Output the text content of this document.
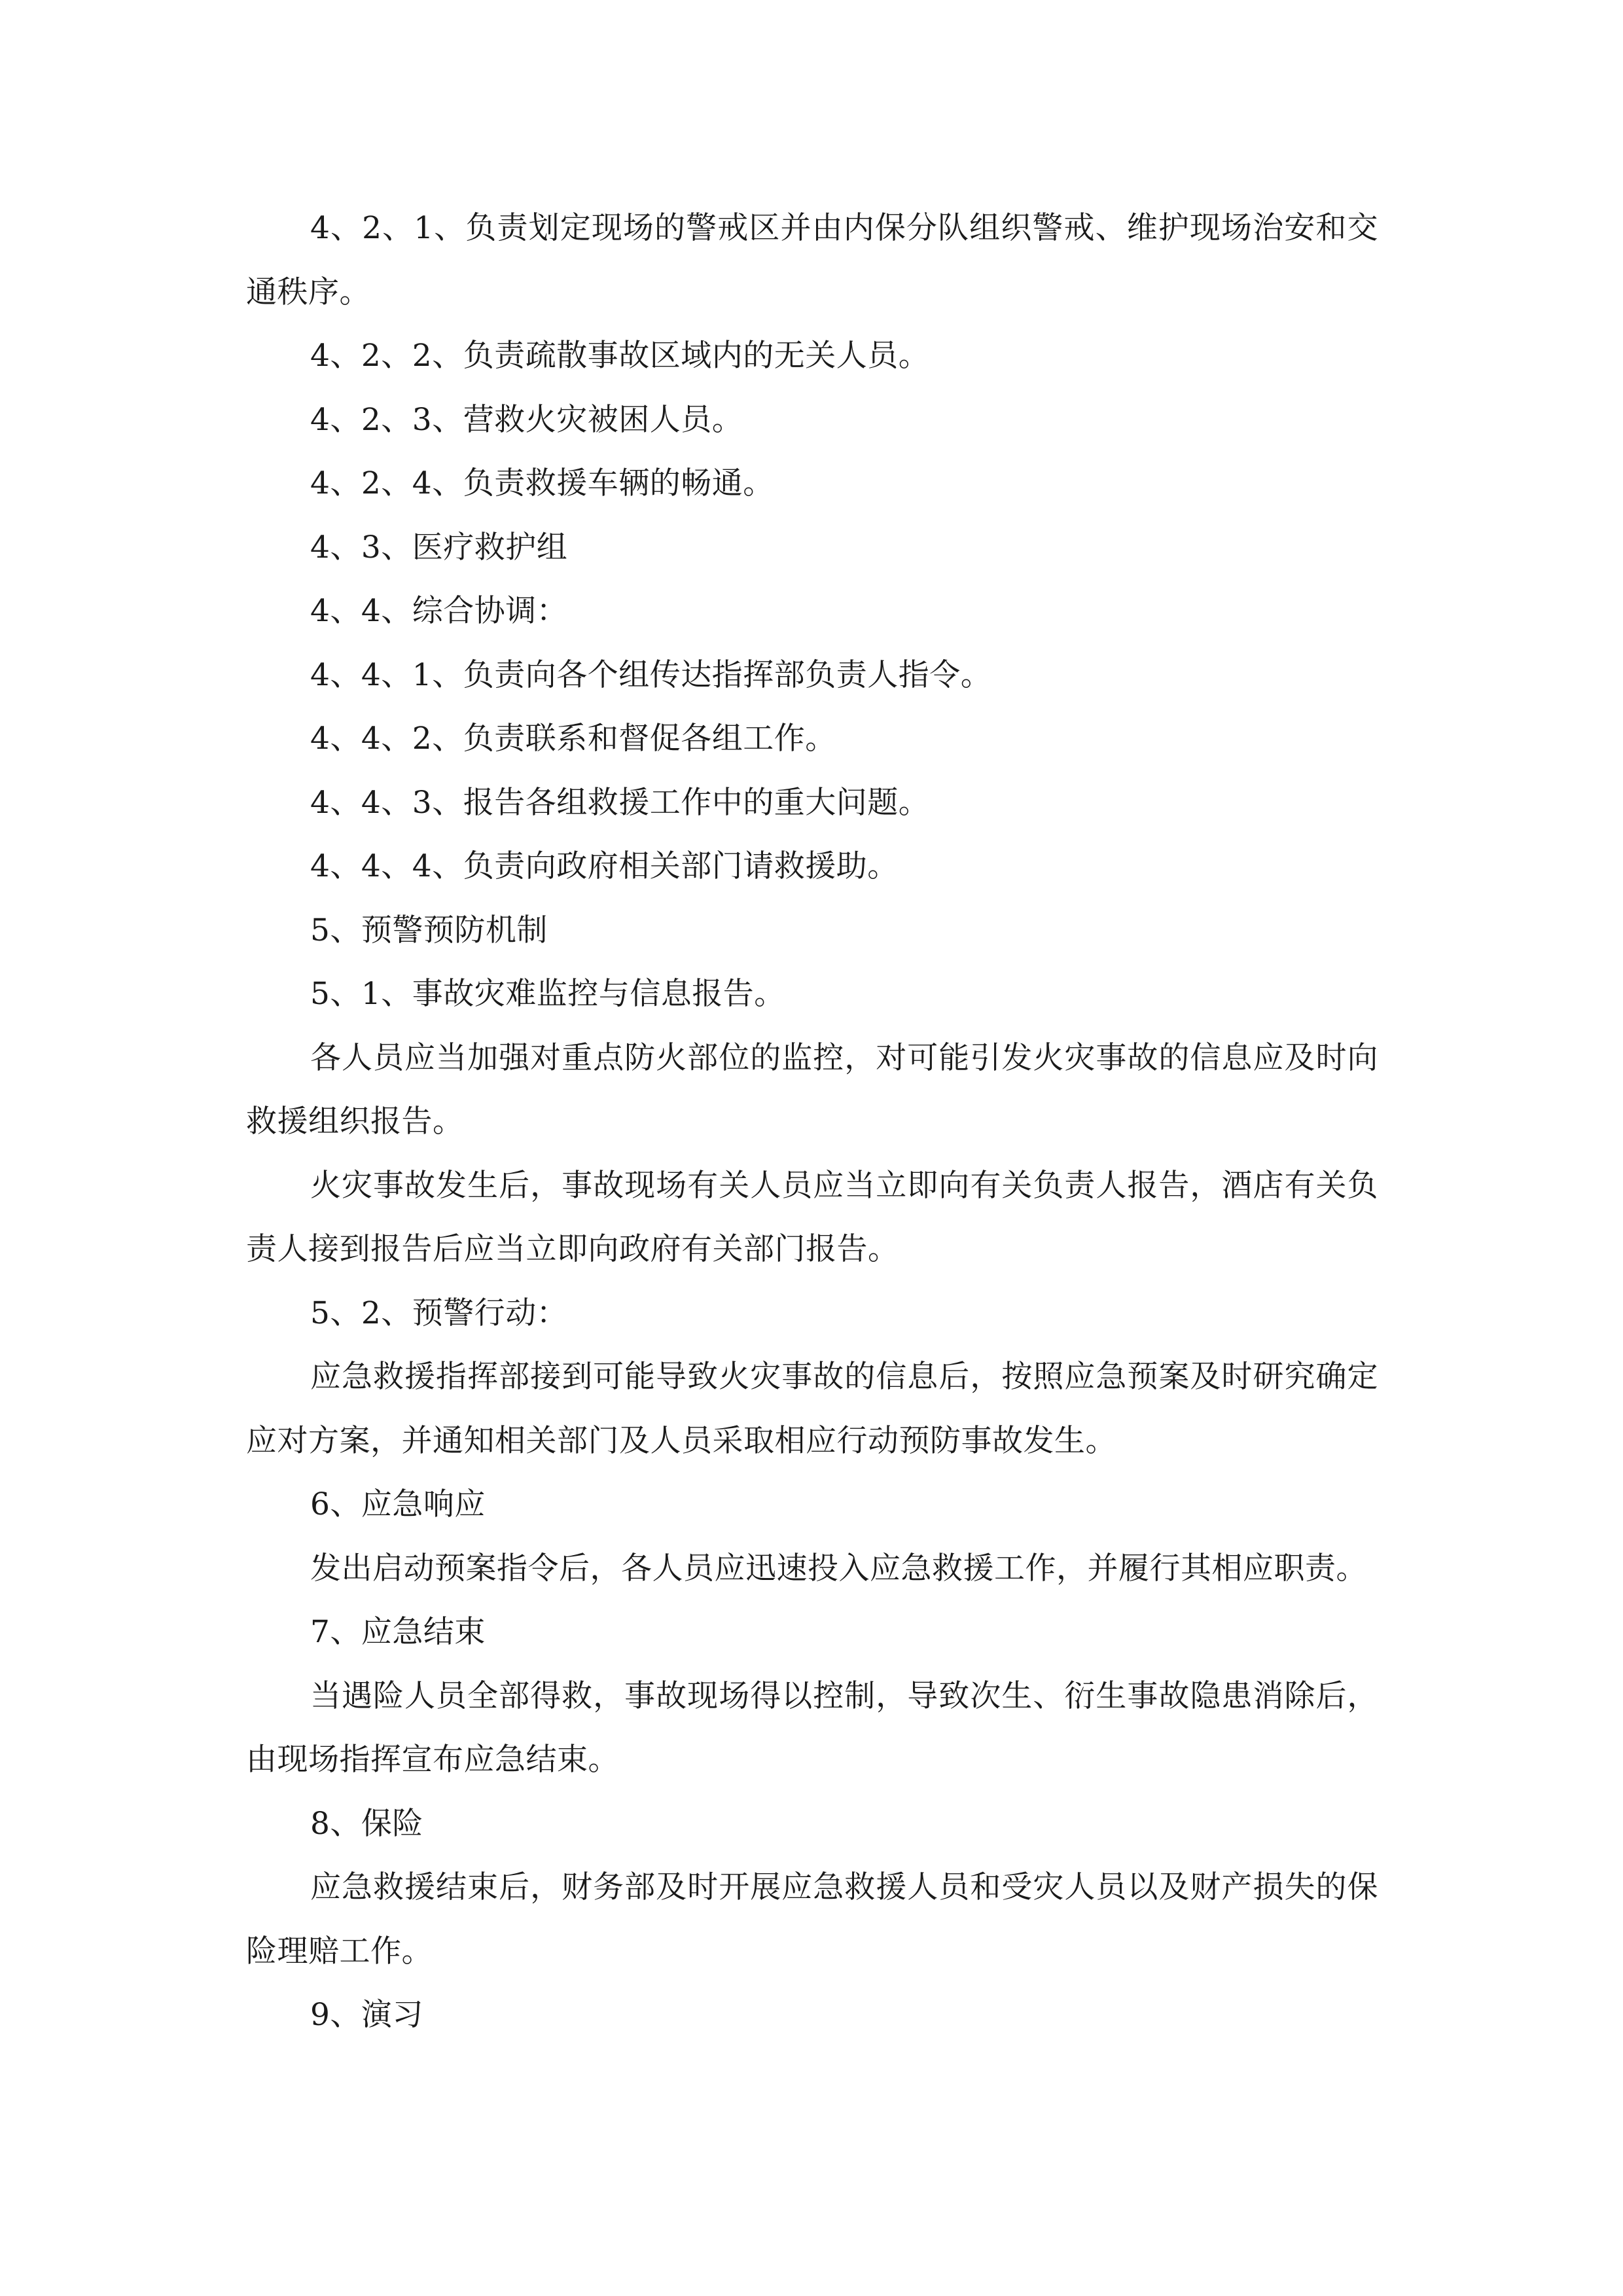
4、2、1、负责划定现场的警戒区并由内保分队组织警戒、维护现场治安和交通秩序。

4、2、2、负责疏散事故区域内的无关人员。

4、2、3、营救火灾被困人员。

4、2、4、负责救援车辆的畅通。

4、3、医疗救护组

4、4、综合协调：

4、4、1、负责向各个组传达指挥部负责人指令。

4、4、2、负责联系和督促各组工作。

4、4、3、报告各组救援工作中的重大问题。

4、4、4、负责向政府相关部门请救援助。

5、预警预防机制

5、1、事故灾难监控与信息报告。

各人员应当加强对重点防火部位的监控，对可能引发火灾事故的信息应及时向救援组织报告。

火灾事故发生后，事故现场有关人员应当立即向有关负责人报告，酒店有关负责人接到报告后应当立即向政府有关部门报告。

5、2、预警行动：

应急救援指挥部接到可能导致火灾事故的信息后，按照应急预案及时研究确定应对方案，并通知相关部门及人员采取相应行动预防事故发生。

6、应急响应

发出启动预案指令后，各人员应迅速投入应急救援工作，并履行其相应职责。

7、应急结束

当遇险人员全部得救，事故现场得以控制，导致次生、衍生事故隐患消除后，由现场指挥宣布应急结束。

8、保险

应急救援结束后，财务部及时开展应急救援人员和受灾人员以及财产损失的保险理赔工作。

9、演习
